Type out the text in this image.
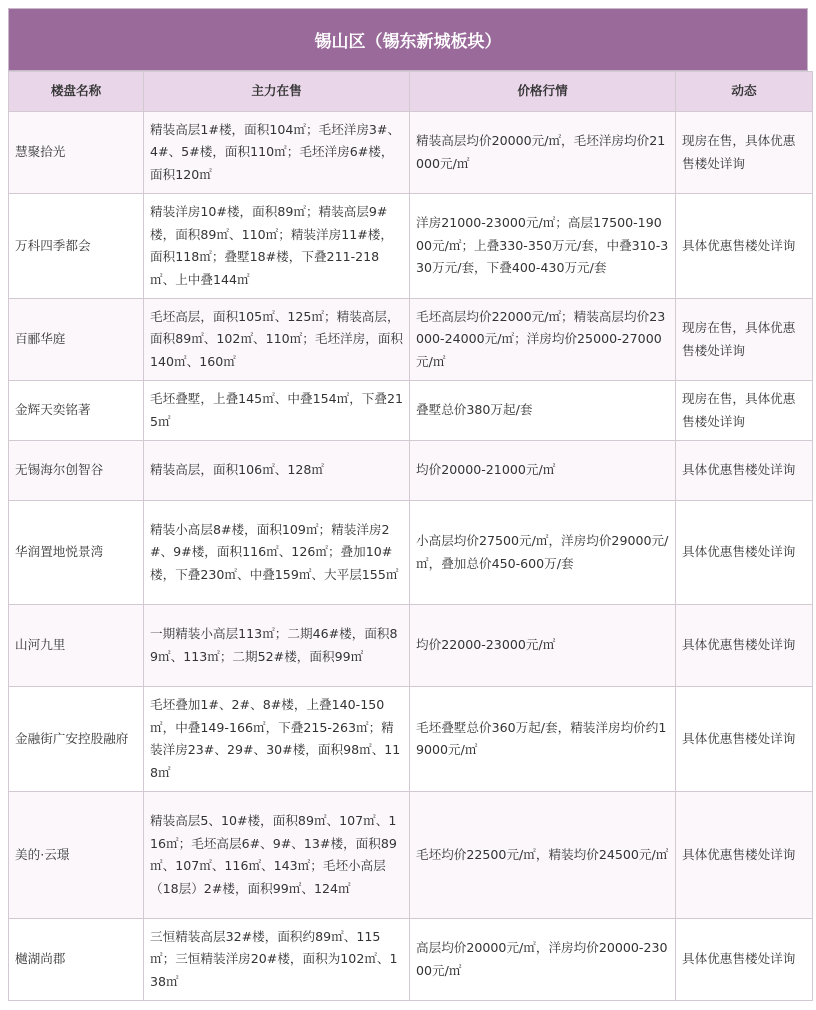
锡山区（锡东新城板块）
楼盘名称	主力在售	价格行情	动态
慧聚拾光	精装高层1#楼，面积104㎡；毛坯洋房3#、4#、5#楼，面积110㎡；毛坯洋房6#楼，面积120㎡	精装高层均价20000元/㎡，毛坯洋房均价21000元/㎡	现房在售，具体优惠售楼处详询
万科四季都会	精装洋房10#楼，面积89㎡；精装高层9#楼，面积89㎡、110㎡；精装洋房11#楼，面积118㎡；叠墅18#楼，下叠211-218㎡、上中叠144㎡	洋房21000-23000元/㎡；高层17500-19000元/㎡；上叠330-350万元/套，中叠310-330万元/套，下叠400-430万元/套	具体优惠售楼处详询
百郦华庭	毛坯高层，面积105㎡、125㎡；精装高层，面积89㎡、102㎡、110㎡；毛坯洋房，面积140㎡、160㎡	毛坯高层均价22000元/㎡；精装高层均价23000-24000元/㎡；洋房均价25000-27000元/㎡	现房在售，具体优惠售楼处详询
金辉天奕铭著	毛坯叠墅，上叠145㎡、中叠154㎡，下叠215㎡	叠墅总价380万起/套	现房在售，具体优惠售楼处详询
无锡海尔创智谷	精装高层，面积106㎡、128㎡	均价20000-21000元/㎡	具体优惠售楼处详询
华润置地悦景湾	精装小高层8#楼，面积109㎡；精装洋房2#、9#楼，面积116㎡、126㎡；叠加10#楼，下叠230㎡、中叠159㎡、大平层155㎡	小高层均价27500元/㎡，洋房均价29000元/㎡，叠加总价450-600万/套	具体优惠售楼处详询
山河九里	一期精装小高层113㎡；二期46#楼，面积89㎡、113㎡；二期52#楼，面积99㎡	均价22000-23000元/㎡	具体优惠售楼处详询
金融街广安控股融府	毛坯叠加1#、2#、8#楼，上叠140-150㎡，中叠149-166㎡，下叠215-263㎡；精装洋房23#、29#、30#楼，面积98㎡、118㎡	毛坯叠墅总价360万起/套，精装洋房均价约19000元/㎡	具体优惠售楼处详询
美的·云璟	精装高层5、10#楼，面积89㎡、107㎡、116㎡；毛坯高层6#、9#、13#楼，面积89㎡、107㎡、116㎡、143㎡；毛坯小高层（18层）2#楼，面积99㎡、124㎡	毛坯均价22500元/㎡，精装均价24500元/㎡	具体优惠售楼处详询
樾湖尚郡	三恒精装高层32#楼，面积约89㎡、115㎡；三恒精装洋房20#楼，面积为102㎡、138㎡	高层均价20000元/㎡，洋房均价20000-23000元/㎡	具体优惠售楼处详询
